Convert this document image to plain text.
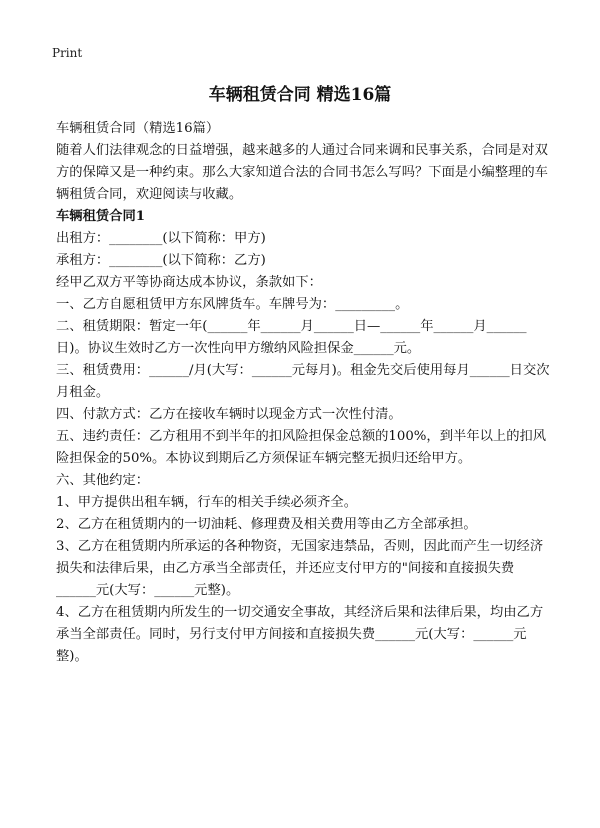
Print
车辆租赁合同 精选16篇

车辆租赁合同（精选16篇）

随着人们法律观念的日益增强，越来越多的人通过合同来调和民事关系，合同是对双方的保障又是一种约束。那么大家知道合法的合同书怎么写吗？下面是小编整理的车辆租赁合同，欢迎阅读与收藏。

车辆租赁合同1

出租方：________(以下简称：甲方)

承租方：________(以下简称：乙方)

经甲乙双方平等协商达成本协议，条款如下：

一、乙方自愿租赁甲方东风牌货车。车牌号为：_________。

二、租赁期限：暂定一年(______年______月______日—______年______月______日)。协议生效时乙方一次性向甲方缴纳风险担保金______元。

三、租赁费用：______/月(大写：______元每月)。租金先交后使用每月______日交次月租金。

四、付款方式：乙方在接收车辆时以现金方式一次性付清。

五、违约责任：乙方租用不到半年的扣风险担保金总额的100%，到半年以上的扣风险担保金的50%。本协议到期后乙方须保证车辆完整无损归还给甲方。

六、其他约定：

1、甲方提供出租车辆，行车的相关手续必须齐全。

2、乙方在租赁期内的一切油耗、修理费及相关费用等由乙方全部承担。

3、乙方在租赁期内所承运的各种物资，无国家违禁品，否则，因此而产生一切经济损失和法律后果，由乙方承当全部责任，并还应支付甲方的"间接和直接损失费______元(大写：______元整)。

4、乙方在租赁期内所发生的一切交通安全事故，其经济后果和法律后果，均由乙方承当全部责任。同时，另行支付甲方间接和直接损失费______元(大写：______元整)。
